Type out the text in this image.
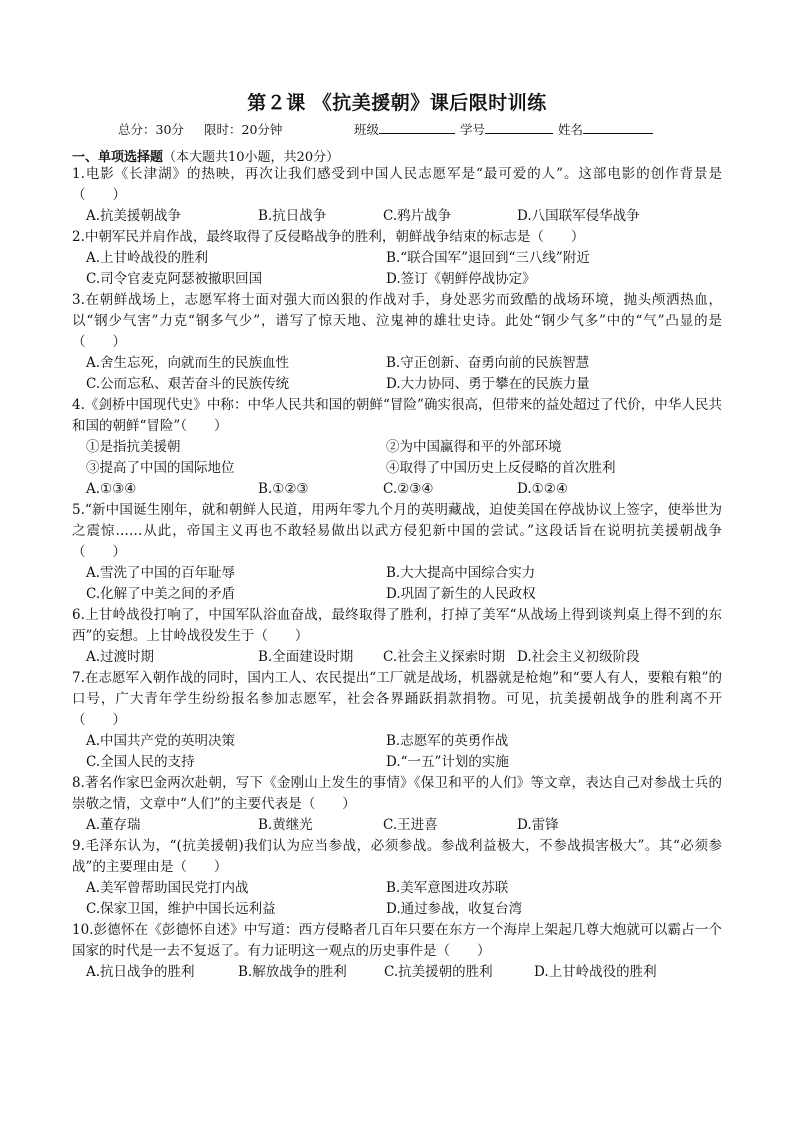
第２课 《抗美援朝》课后限时训练
总分：30分 限时：20分钟	班级	学号	姓名
一、单项选择题（本大题共10小题，共20分）
1.电影《长津湖》的热映，再次让我们感受到中国人民志愿军是“最可爱的人”。这部电影的创作背景是（　　）
A.抗美援朝战争	B.抗日战争	C.鸦片战争	D.八国联军侵华战争
2.中朝军民并肩作战，最终取得了反侵略战争的胜利，朝鲜战争结束的标志是（　　）
A.上甘岭战役的胜利	B.“联合国军”退回到“三八线”附近
C.司令官麦克阿瑟被撤职回国	D.签订《朝鲜停战协定》
3.在朝鲜战场上，志愿军将士面对强大而凶狠的作战对手，身处恶劣而致酷的战场环境，抛头颅洒热血，以“钢少气害”力克“钢多气少”，谱写了惊天地、泣鬼神的雄壮史诗。此处“钢少气多”中的“气”凸显的是（　　）
A.舍生忘死，向就而生的民族血性	B.守正创新、奋勇向前的民族智慧
C.公而忘私、艰苦奋斗的民族传统	D.大力协同、勇于攀在的民族力量
4.《剑桥中国现代史》中称：中华人民共和国的朝鲜“冒险”确实很高，但带来的益处超过了代价，中华人民共和国的朝鲜“冒险”（　　）
①是指抗美援朝	②为中国赢得和平的外部环境
③提高了中国的国际地位	④取得了中国历史上反侵略的首次胜利
A.①③④	B.①②③	C.②③④	D.①②④
5.“新中国诞生刚年，就和朝鲜人民道，用两年零九个月的英明藏战，迫使美国在停战协议上签字，使举世为之震惊……从此，帝国主义再也不敢轻易做出以武方侵犯新中国的尝试。”这段话旨在说明抗美援朝战争（　　）
A.雪洗了中国的百年耻辱	B.大大提高中国综合实力
C.化解了中美之间的矛盾	D.巩固了新生的人民政权
6.上甘岭战役打响了，中国军队浴血奋战，最终取得了胜利，打掉了美军“从战场上得到谈判桌上得不到的东西”的妄想。上甘岭战役发生于（　　）
A.过渡时期	B.全面建设时期	C.社会主义探索时期 D.社会主义初级阶段
7.在志愿军入朝作战的同时，国内工人、农民提出“工厂就是战场，机器就是枪炮”和“要人有人，要粮有粮”的口号，广大青年学生纷纷报名参加志愿军，社会各界踊跃捐款捐物。可见，抗美援朝战争的胜利离不开（　　）
A.中国共产党的英明决策	B.志愿军的英勇作战
C.全国人民的支持	D.“一五”计划的实施
8.著名作家巴金两次赴朝，写下《金刚山上发生的事情》《保卫和平的人们》等文章，表达自己对参战士兵的崇敬之情，文章中“人们”的主要代表是（　　）
A.董存瑞	B.黄继光	C.王进喜	D.雷锋
9.毛泽东认为，“(抗美援朝)我们认为应当参战，必须参战。参战利益极大，不参战损害极大”。其“必须参战”的主要理由是（　　）
A.美军曾帮助国民党打内战	B.美军意图进攻苏联
C.保家卫国，维护中国长远利益	D.通过参战，收复台湾
10.彭德怀在《彭德怀自述》中写道：西方侵略者几百年只要在东方一个海岸上架起几尊大炮就可以霸占一个国家的时代是一去不复返了。有力证明这一观点的历史事件是（　　）
A.抗日战争的胜利	B.解放战争的胜利	C.抗美援朝的胜利	D.上甘岭战役的胜利
